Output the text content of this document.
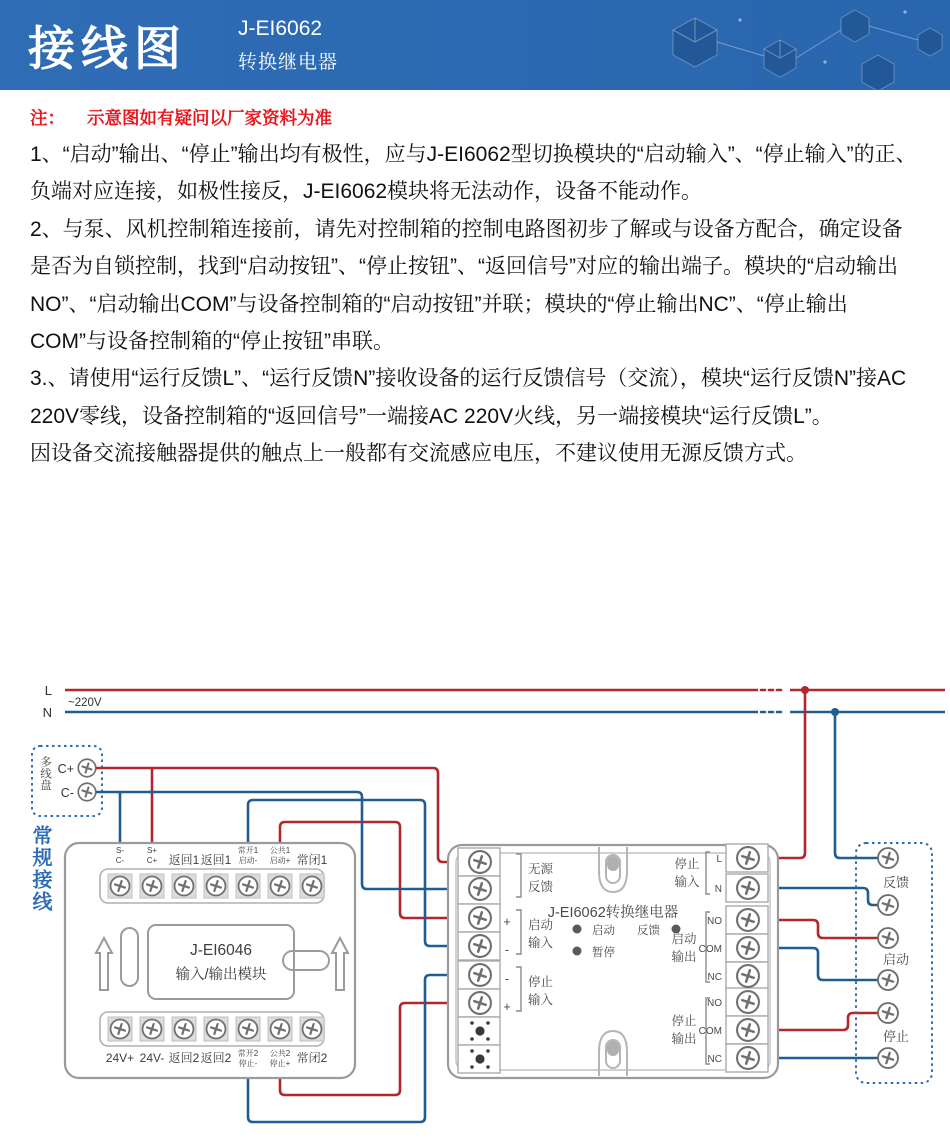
接线图 J-EI6062
转换继电器
注： 示意图如有疑问以厂家资料为准

1、“启动”输出、“停止”输出均有极性，应与J-EI6062型切换模块的“启动输入”、“停止输入”的正、负端对应连接，如极性接反，J-EI6062模块将无法动作，设备不能动作。

2、与泵、风机控制箱连接前，请先对控制箱的控制电路图初步了解或与设备方配合，确定设备是否为自锁控制，找到“启动按钮”、“停止按钮”、“返回信号”对应的输出端子。模块的“启动输出NO”、“启动输出COM”与设备控制箱的“启动按钮”并联；模块的“停止输出NC”、“停止输出COM”与设备控制箱的“停止按钮”串联。

3.、请使用“运行反馈L”、“运行反馈N”接收设备的运行反馈信号（交流），模块“运行反馈N”接AC 220V零线，设备控制箱的“返回信号”一端接AC 220V火线，另一端接模块“运行反馈L”。

因设备交流接触器提供的触点上一般都有交流感应电压，不建议使用无源反馈方式。

L
N
~220V
多线盘 C+
C-
常规接线	S-
C-
S+
C+ 返回1 返回1
常开1
启动-
公共1
启动+ 常闭1
J-EI6046
输入/输出模块
24V+ 24V- 返回2 返回2 常开2
停止-
公共2
停止+ 常闭2
无源
反馈
+
-
启动
输入
-
+
停止
输入
J-EI6062转换继电器
启动 反馈
暂停
停止
输入
L
N
启动
输出
NO
COM
NC
停止
输出
NO
COM
NC
反馈
启动
停止
